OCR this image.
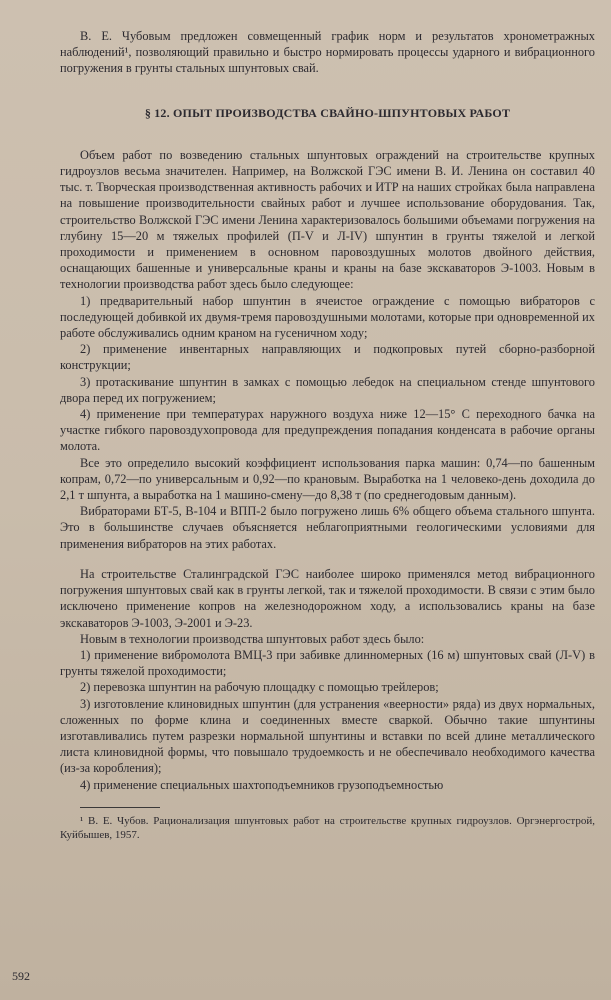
В. Е. Чубовым предложен совмещенный график норм и результатов хронометражных наблюдений¹, позволяющий правильно и быстро нормировать процессы ударного и вибрационного погружения в грунты стальных шпунтовых свай.

§ 12. ОПЫТ ПРОИЗВОДСТВА СВАЙНО-ШПУНТОВЫХ РАБОТ

Объем работ по возведению стальных шпунтовых ограждений на строительстве крупных гидроузлов весьма значителен. Например, на Волжской ГЭС имени В. И. Ленина он составил 40 тыс. т. Творческая производственная активность рабочих и ИТР на наших стройках была направлена на повышение производительности свайных работ и лучшее использование оборудования. Так, строительство Волжской ГЭС имени Ленина характеризовалось большими объемами погружения на глубину 15—20 м тяжелых профилей (П-V и Л-IV) шпунтин в грунты тяжелой и легкой проходимости и применением в основном паровоздушных молотов двойного действия, оснащающих башенные и универсальные краны и краны на базе экскаваторов Э-1003. Новым в технологии производства работ здесь было следующее:

1) предварительный набор шпунтин в ячеистое ограждение с помощью вибраторов с последующей добивкой их двумя-тремя паровоздушными молотами, которые при одновременной их работе обслуживались одним краном на гусеничном ходу;

2) применение инвентарных направляющих и подкопровых путей сборно-разборной конструкции;

3) протаскивание шпунтин в замках с помощью лебедок на специальном стенде шпунтового двора перед их погружением;

4) применение при температурах наружного воздуха ниже 12—15° С переходного бачка на участке гибкого паровоздухопровода для предупреждения попадания конденсата в рабочие органы молота.

Все это определило высокий коэффициент использования парка машин: 0,74—по башенным копрам, 0,72—по универсальным и 0,92—по крановым. Выработка на 1 человеко-день доходила до 2,1 т шпунта, а выработка на 1 машино-смену—до 8,38 т (по среднегодовым данным).

Вибраторами БТ-5, В-104 и ВПП-2 было погружено лишь 6% общего объема стального шпунта. Это в большинстве случаев объясняется неблагоприятными геологическими условиями для применения вибраторов на этих работах.

На строительстве Сталинградской ГЭС наиболее широко применялся метод вибрационного погружения шпунтовых свай как в грунты легкой, так и тяжелой проходимости. В связи с этим было исключено применение копров на железнодорожном ходу, а использовались краны на базе экскаваторов Э-1003, Э-2001 и Э-23.

Новым в технологии производства шпунтовых работ здесь было:

1) применение вибромолота ВМЦ-3 при забивке длинномерных (16 м) шпунтовых свай (Л-V) в грунты тяжелой проходимости;

2) перевозка шпунтин на рабочую площадку с помощью трейлеров;

3) изготовление клиновидных шпунтин (для устранения «веерности» ряда) из двух нормальных, сложенных по форме клина и соединенных вместе сваркой. Обычно такие шпунтины изготавливались путем разрезки нормальной шпунтины и вставки по всей длине металлического листа клиновидной формы, что повышало трудоемкость и не обеспечивало необходимого качества (из-за коробления);

4) применение специальных шахтоподъемников грузоподъемностью

¹ В. Е. Чубов. Рационализация шпунтовых работ на строительстве крупных гидроузлов. Оргэнергострой, Куйбышев, 1957.

592
